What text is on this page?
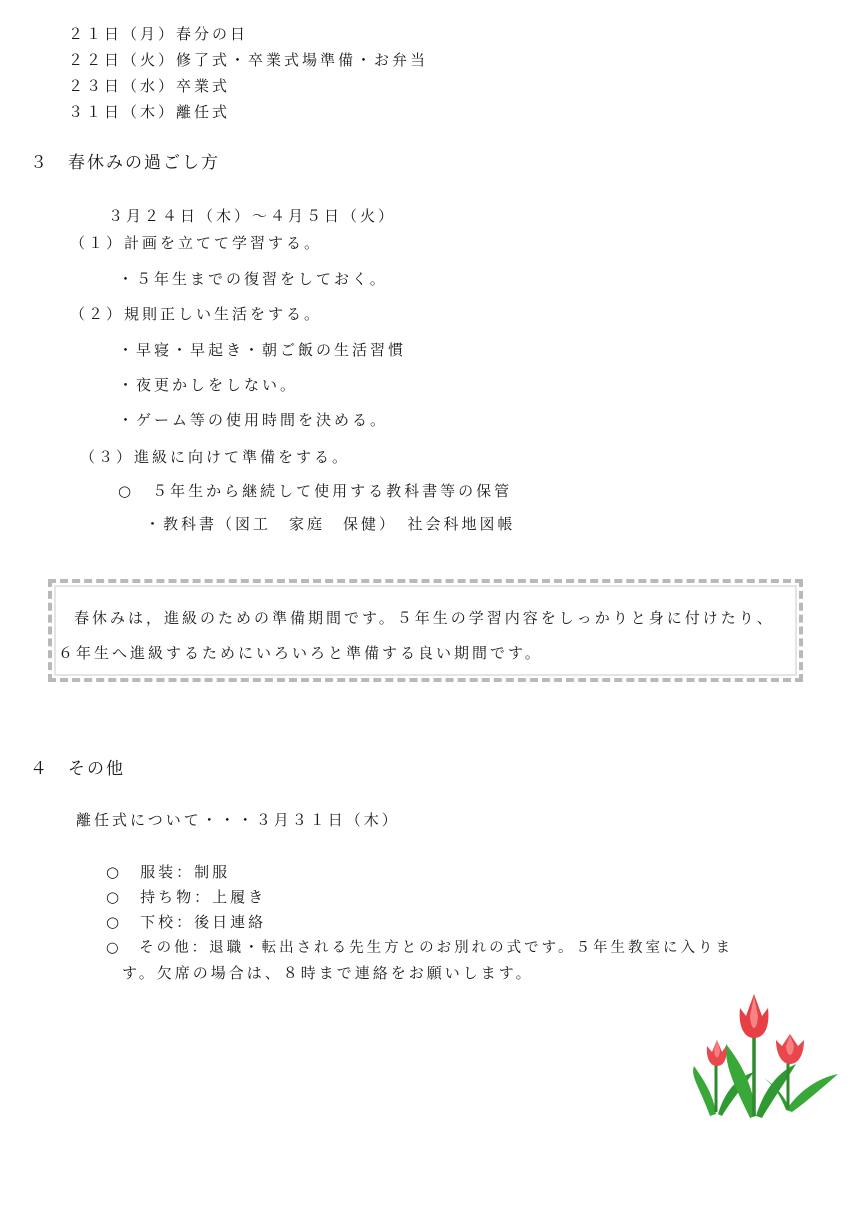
２１日（月）春分の日
２２日（火）修了式・卒業式場準備・お弁当
２３日（水）卒業式
３１日（木）離任式
３　春休みの過ごし方
３月２４日（木）～４月５日（火）
（１）計画を立てて学習する。
・５年生までの復習をしておく。
（２）規則正しい生活をする。
・早寝・早起き・朝ご飯の生活習慣
・夜更かしをしない。
・ゲーム等の使用時間を決める。
（３）進級に向けて準備をする。
○　５年生から継続して使用する教科書等の保管
・教科書（図工　家庭　保健）　社会科地図帳
春休みは，進級のための準備期間です。５年生の学習内容をしっかりと身に付けたり、
６年生へ進級するためにいろいろと準備する良い期間です。
４　その他
離任式について・・・３月３１日（木）
○　服装：制服
○　持ち物：上履き
○　下校：後日連絡
○　その他：退職・転出される先生方とのお別れの式です。５年生教室に入りま
す。欠席の場合は、８時まで連絡をお願いします。
